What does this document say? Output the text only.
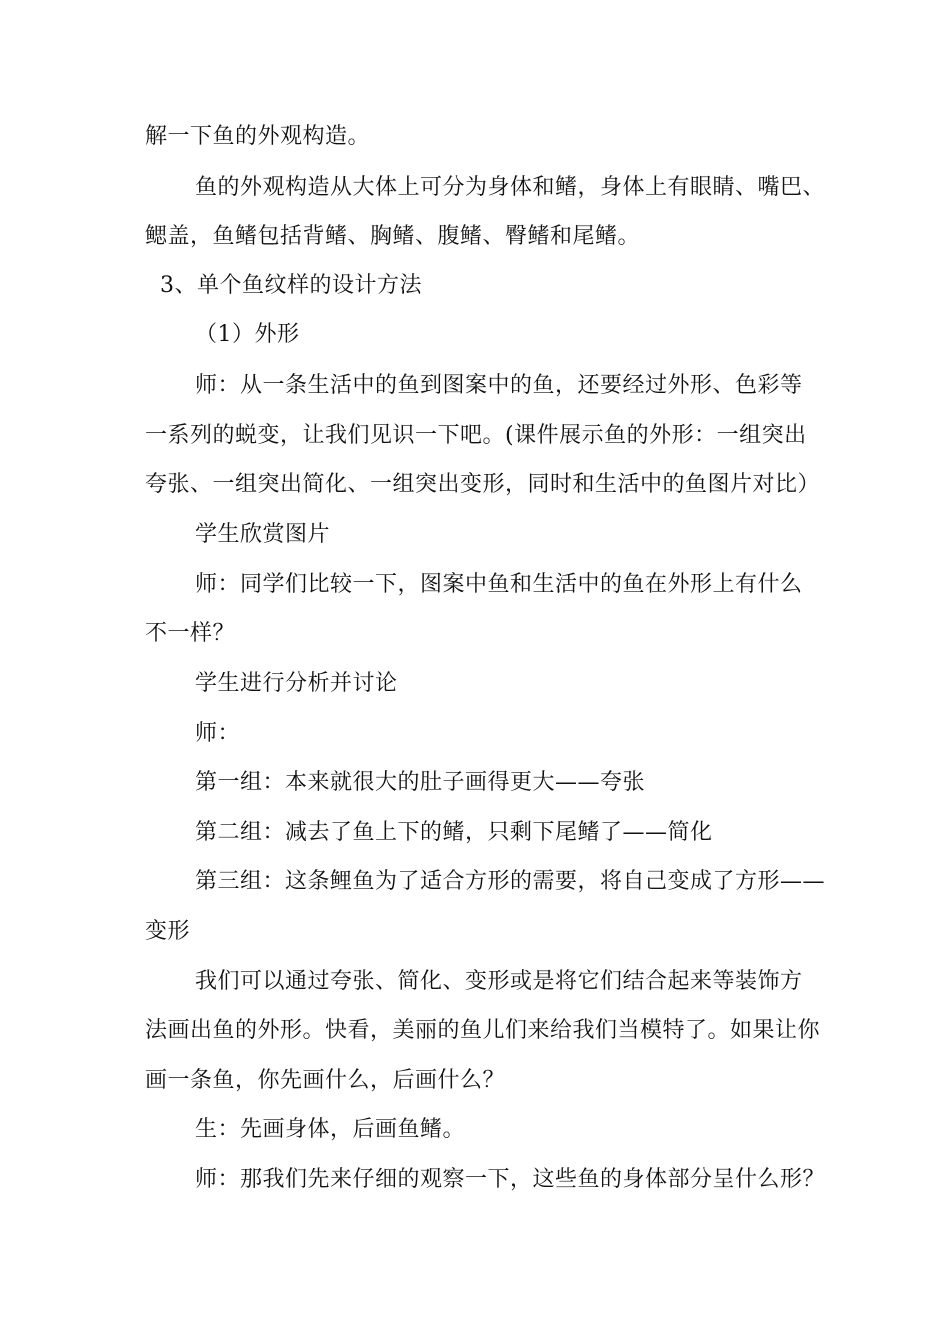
解一下鱼的外观构造。
鱼的外观构造从大体上可分为身体和鳍，身体上有眼睛、嘴巴、
鳃盖，鱼鳍包括背鳍、胸鳍、腹鳍、臀鳍和尾鳍。
3、单个鱼纹样的设计方法
（1）外形
师：从一条生活中的鱼到图案中的鱼，还要经过外形、色彩等
一系列的蜕变，让我们见识一下吧。(课件展示鱼的外形：一组突出
夸张、一组突出简化、一组突出变形，同时和生活中的鱼图片对比）
学生欣赏图片
师：同学们比较一下，图案中鱼和生活中的鱼在外形上有什么
不一样？
学生进行分析并讨论
师：
第一组：本来就很大的肚子画得更大——夸张
第二组：减去了鱼上下的鳍，只剩下尾鳍了——简化
第三组：这条鲤鱼为了适合方形的需要，将自己变成了方形——
变形
我们可以通过夸张、简化、变形或是将它们结合起来等装饰方
法画出鱼的外形。快看，美丽的鱼儿们来给我们当模特了。如果让你
画一条鱼，你先画什么，后画什么？
生：先画身体，后画鱼鳍。
师：那我们先来仔细的观察一下，这些鱼的身体部分呈什么形？
